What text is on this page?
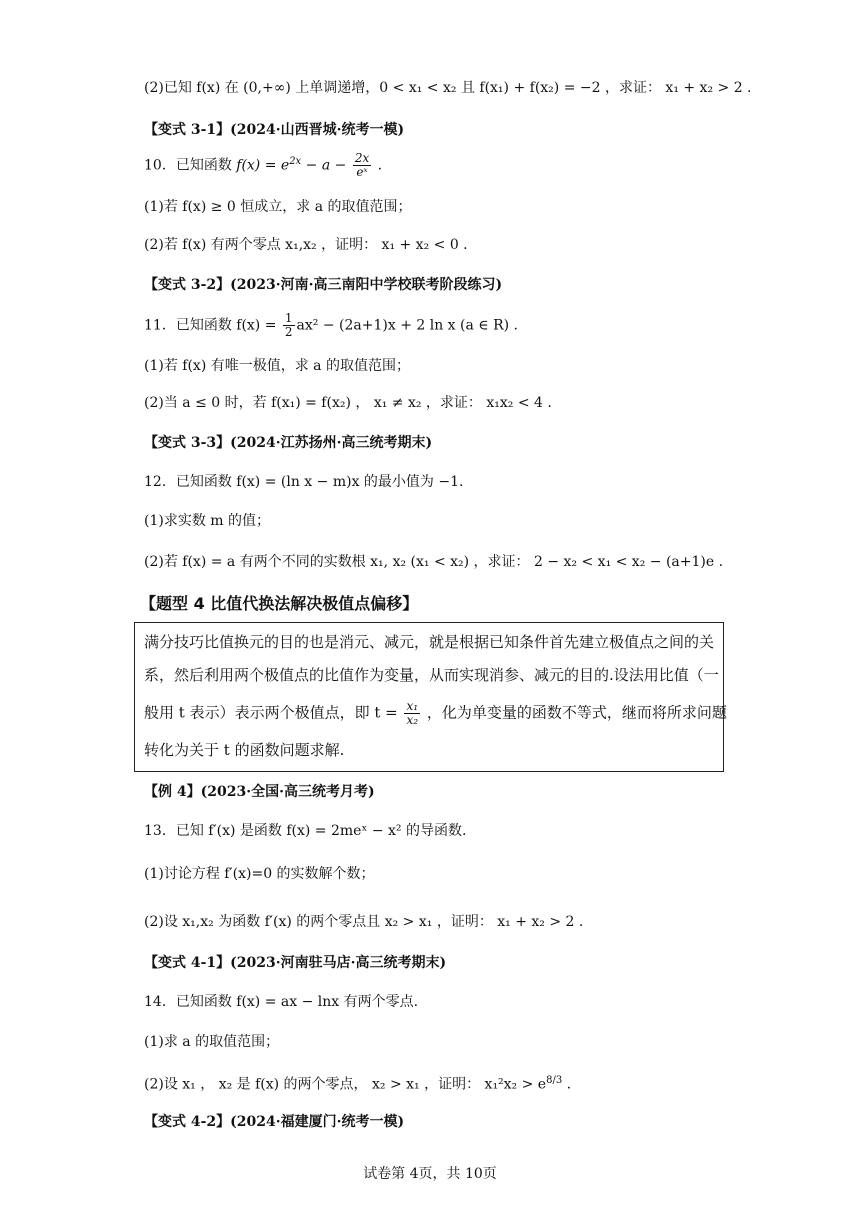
(2)已知 f(x) 在 (0,+∞) 上单调递增，0 < x₁ < x₂ 且 f(x₁) + f(x₂) = −2 ，求证： x₁ + x₂ > 2 .
【变式 3-1】(2024·山西晋城·统考一模)
10．已知函数 $f(x) = e^{2x} - a - \frac{2x}{\text{eˣ}}$ .
(1)若 f(x) ≥ 0 恒成立，求 a 的取值范围；
(2)若 f(x) 有两个零点 x₁,x₂ ，证明： x₁ + x₂ < 0 .
【变式 3-2】(2023·河南·高三南阳中学校联考阶段练习)
11．已知函数 $f(x) = \frac{1}{2} ax^2 - (2a+1)x + 2$ ln x (a ∈ R) .
(1)若 f(x) 有唯一极值，求 a 的取值范围；
(2)当 a ≤ 0 时，若 f(x₁) = f(x₂) ， x₁ ≠ x₂ ，求证： x₁x₂ < 4 .
【变式 3-3】(2024·江苏扬州·高三统考期末)
12．已知函数 f(x) = (ln x − m)x 的最小值为 −1.
(1)求实数 m 的值；
(2)若 f(x) = a 有两个不同的实数根 x₁, x₂ (x₁ < x₂) ，求证： 2 − x₂ < x₁ < x₂ − (a+1)e .
【题型 4 比值代换法解决极值点偏移】
满分技巧比值换元的目的也是消元、减元，就是根据已知条件首先建立极值点之间的关
系，然后利用两个极值点的比值作为变量，从而实现消参、减元的目的.设法用比值（一
般用 t 表示）表示两个极值点，即 $t = \frac{\text{x₁}}{\text{x₂}}$ ，化为单变量的函数不等式，继而将所求问题
转化为关于 t 的函数问题求解.
【例 4】(2023·全国·高三统考月考)
13．已知 f′(x) 是函数 f(x) = 2meˣ − x² 的导函数.
(1)讨论方程 f′(x)=0 的实数解个数；
(2)设 x₁,x₂ 为函数 f′(x) 的两个零点且 x₂ > x₁ ，证明： x₁ + x₂ > 2 .
【变式 4-1】(2023·河南驻马店·高三统考期末)
14．已知函数 f(x) = ax − lnx 有两个零点.
(1)求 a 的取值范围；
(2)设 x₁ ， x₂ 是 f(x) 的两个零点， x₂ > x₁ ，证明： $x_1^2x_2 > e^{8/3}$ .
【变式 4-2】(2024·福建厦门·统考一模)
试卷第 4页，共 10页
